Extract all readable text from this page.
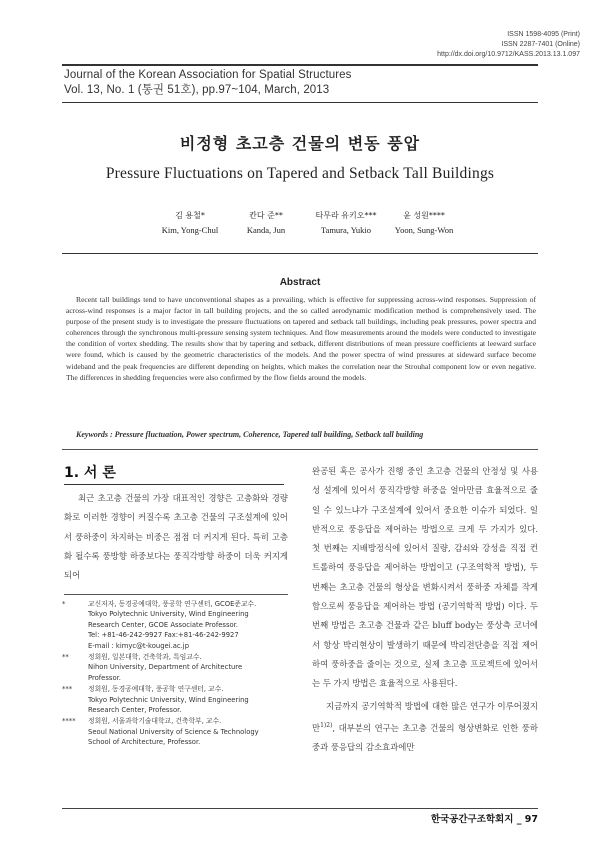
ISSN 1598-4095 (Print)
ISSN 2287-7401 (Online)
http://dx.doi.org/10.9712/KASS.2013.13.1.097
Journal of the Korean Association for Spatial Structures
Vol. 13, No. 1 (통권 51호), pp.97~104, March, 2013
비정형 초고층 건물의 변동 풍압
Pressure Fluctuations on Tapered and Setback Tall Buildings
김 용철*
Kim, Yong-Chul
칸다 준**
Kanda, Jun
타무라 유키오***
Tamura, Yukio
윤 성원****
Yoon, Sung-Won
Abstract
Recent tall buildings tend to have unconventional shapes as a prevailing, which is effective for suppressing across-wind responses. Suppression of across-wind responses is a major factor in tall building projects, and the so called aerodynamic modification method is comprehensively used. The purpose of the present study is to investigate the pressure fluctuations on tapered and setback tall buildings, including peak pressures, power spectra and coherences through the synchronous multi-pressure sensing system techniques. And flow measurements around the models were conducted to investigate the condition of vortex shedding. The results show that by tapering and setback, different distributions of mean pressure coefficients at leeward surface were found, which is caused by the geometric characteristics of the models. And the power spectra of wind pressures at sideward surface become wideband and the peak frequencies are different depending on heights, which makes the correlation near the Strouhal component low or even negative. The differences in shedding frequencies were also confirmed by the flow fields around the models.
Keywords : Pressure fluctuation, Power spectrum, Coherence, Tapered tall building, Setback tall building
1. 서 론

최근 초고층 건물의 가장 대표적인 경향은 고층화와 경량화로 이러한 경향이 커질수록 초고층 건물의 구조설계에 있어서 풍하중이 차지하는 비중은 점점 더 커지게 된다. 특히 고층화 될수록 풍방향 하중보다는 풍직각방향 하중이 더욱 커지게 되어

*	교신저자, 동경공예대학, 풍공학 연구센터, GCOE준교수.
Tokyo Polytechnic University, Wind Engineering
Research Center, GCOE Associate Professor.
Tel: +81-46-242-9927 Fax:+81-46-242-9927
E-mail : kimyc@t-kougei.ac.jp
**	정회원, 일본대학, 건축학과, 특임교수.
Nihon University, Department of Architecture
Professor.
*** 정회원, 동경공예대학, 풍공학 연구센터, 교수.
Tokyo Polytechnic University, Wind Engineering
Research Center, Professor.
**** 정회원, 서울과학기술대학교, 건축학부, 교수.
Seoul National University of Science & Technology
School of Architecture, Professor.

완공된 혹은 공사가 진행 중인 초고층 건물의 안정성 및 사용성 설계에 있어서 풍직각방향 하중을 얼마만큼 효율적으로 줄일 수 있느냐가 구조설계에 있어서 중요한 이슈가 되었다. 일반적으로 풍응답을 제어하는 방법으로 크게 두 가지가 있다. 첫 번째는 지배방정식에 있어서 질량, 감쇠와 강성을 직접 컨트롤하여 풍응답을 제어하는 방법이고 (구조역학적 방법), 두 번째는 초고층 건물의 형상을 변화시켜서 풍하중 자체를 작게 함으로써 풍응답을 제어하는 방법 (공기역학적 방법) 이다. 두 번째 방법은 초고층 건물과 같은 bluff body는 풍상측 코너에서 항상 박리현상이 발생하기 때문에 박리전단층을 직접 제어하여 풍하중을 줄이는 것으로, 실제 초고층 프로젝트에 있어서는 두 가지 방법은 효율적으로 사용된다.

지금까지 공기역학적 방법에 대한 많은 연구가 이루어졌지만$^{1)2)}$, 대부분의 연구는 초고층 건물의 형상변화로 인한 풍하중과 풍응답의 감소효과에만

한국공간구조학회지 _ 97
